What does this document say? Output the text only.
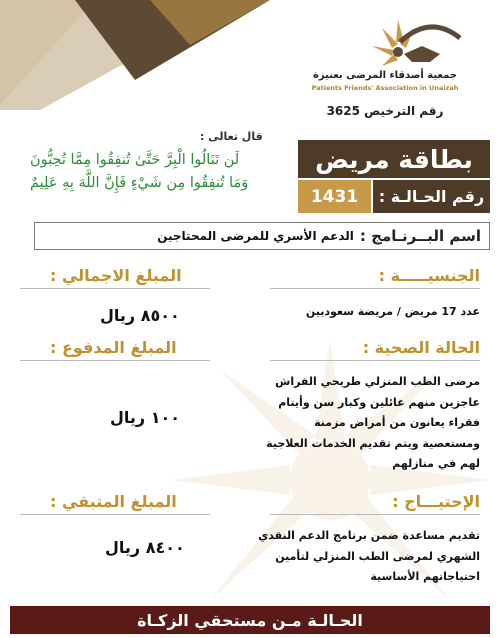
جمعية أصدقاء المرضى بعنيزة
Patients Friends' Association in Unaizah
رقم الترخيص 3625
قال تعالى :
لَن تَنَالُوا الْبِرَّ حَتَّىٰ تُنفِقُوا مِمَّا تُحِبُّونَ
وَمَا تُنفِقُوا مِن شَيْءٍ فَإِنَّ اللَّهَ بِهِ عَلِيمٌ
بطاقة مريض
رقم الحـالـة :
1431
اسم البــرنـامج :
الدعم الأسري للمرضى المحتاجين
الجنسيـــــة :
عدد 17 مريض / مريضة سعوديين
المبلغ الاجمالي :
٨٥٠٠ ريال
الحالة الصحية :
مرضى الطب المنزلي طريحي الفراش عاجزين منهم عائلين وكبار سن وأيتام فقراء يعانون من أمراض مزمنة ومستعصية ويتم تقديم الخدمات العلاجية لهم في منازلهم
المبلغ المدفوع :
١٠٠ ريال
الإحتيـــاج :
تقديم مساعدة ضمن برنامج الدعم النقدي الشهري لمرضى الطب المنزلي لتأمين احتياجاتهم الأساسية
المبلغ المتبقي :
٨٤٠٠ ريال
الحـالـة مـن مستحقي الزكـاة
